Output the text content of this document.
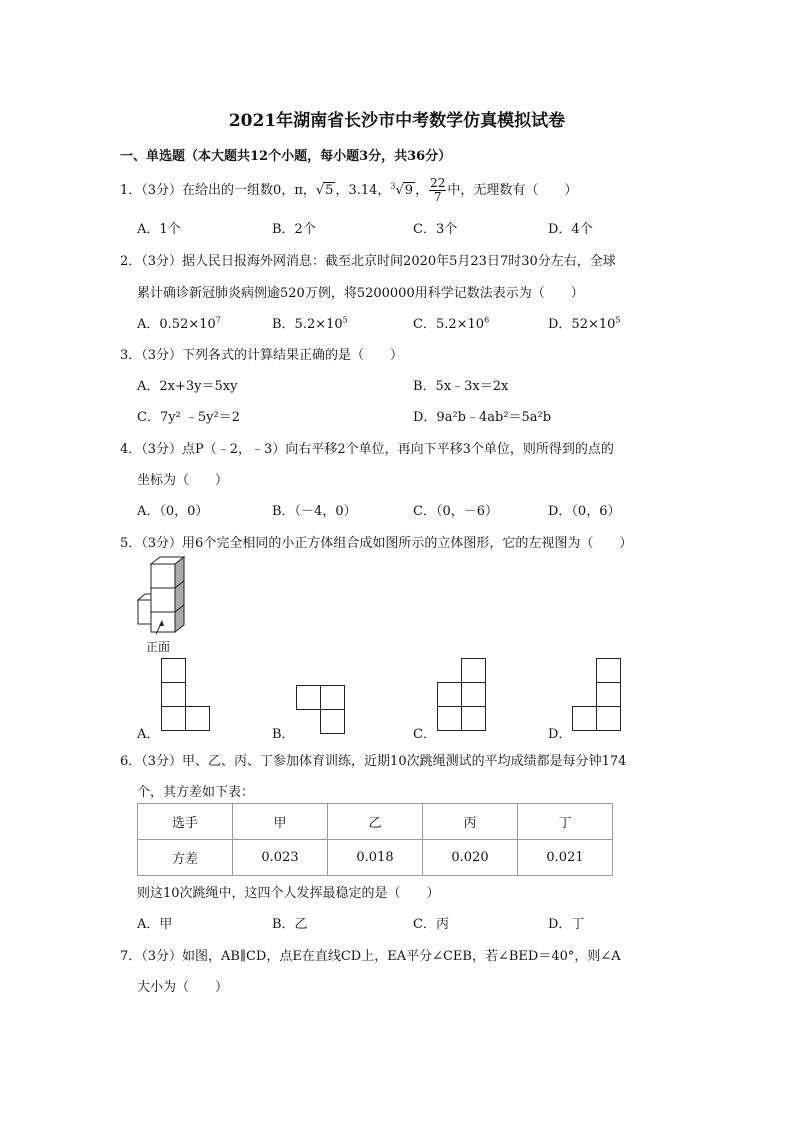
2021年湖南省长沙市中考数学仿真模拟试卷
一、单选题（本大题共12个小题，每小题3分，共36分）
1．（3分）在给出的一组数0，π，√5 ，3.14，$^3$√9 ， $\frac{22}{7}$ 中，无理数有（　　）
A．1个	B．2个	C．3个	D．4个
2．（3分）据人民日报海外网消息：截至北京时间2020年5月23日7时30分左右，全球
累计确诊新冠肺炎病例逾520万例，将5200000用科学记数法表示为（　　）
A．$0.52\times 10^7$	B．$5.2\times 10^5$	C．$5.2\times 10^6$	D．$52\times 10^5$
3．（3分）下列各式的计算结果正确的是（　　）
A．2x+3y＝5xy	B．5x﹣3x＝2x
C．7y² ﹣5y²＝2	D．9a²b﹣4ab²＝5a²b
4．（3分）点P（﹣2，﹣3）向右平移2个单位，再向下平移3个单位，则所得到的点的
坐标为（　　）
A．（0，0）	B．（－4，0）	C．（0，－6）	D．（0，6）
5．（3分）用6个完全相同的小正方体组合成如图所示的立体图形，它的左视图为（　　）
正面
A．	B．	C．	D．
6．（3分）甲、乙、丙、丁参加体育训练，近期10次跳绳测试的平均成绩都是每分钟174
个，其方差如下表：
选手	甲	乙	丙	丁
方差	0.023	0.018	0.020	0.021
则这10次跳绳中，这四个人发挥最稳定的是（　　）
A．甲	B．乙	C．丙	D．丁
7．（3分）如图，AB∥CD，点E在直线CD上，EA平分∠CEB，若∠BED＝40°，则∠A
大小为（　　）
